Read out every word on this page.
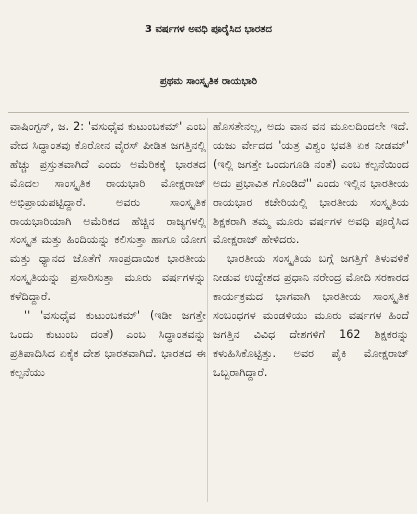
3 ವರ್ಷಗಳ ಅವಧಿ ಪೂರೈಸಿದ ಭಾರತದ
ಪ್ರಥಮ ಸಾಂಸ್ಕೃತಿಕ ರಾಯಭಾರಿ

ವಾಷಿಂಗ್ಟನ್, ಜ. 2: 'ವಸುಧೈವ ಕುಟುಂಬಕಮ್' ಎಂಬ ವೇದ ಸಿದ್ಧಾಂತವು ಕೊರೋನ ವೈರಸ್ ಪೀಡಿತ ಜಗತ್ತಿನಲ್ಲಿ ಹೆಚ್ಚು ಪ್ರಸ್ತುತವಾಗಿದೆ ಎಂದು ಅಮೆರಿಕಕ್ಕೆ ಭಾರತದ ಮೊದಲ ಸಾಂಸ್ಕೃತಿಕ ರಾಯಭಾರಿ ಮೋಕ್ಷರಾಜ್ ಅಭಿಪ್ರಾಯಪಟ್ಟಿದ್ದಾರೆ. ಅವರು ಸಾಂಸ್ಕೃತಿಕ ರಾಯಭಾರಿಯಾಗಿ ಅಮೆರಿಕದ ಹೆಚ್ಚಿನ ರಾಜ್ಯಗಳಲ್ಲಿ ಸಂಸ್ಕೃತ ಮತ್ತು ಹಿಂದಿಯನ್ನು ಕಲಿಸುತ್ತಾ ಹಾಗೂ ಯೋಗ ಮತ್ತು ಧ್ಯಾನದ ಜೊತೆಗೆ ಸಾಂಪ್ರದಾಯಿಕ ಭಾರತೀಯ ಸಂಸ್ಕೃತಿಯನ್ನು ಪ್ರಸಾರಿಸುತ್ತಾ ಮೂರು ವರ್ಷಗಳನ್ನು ಕಳೆದಿದ್ದಾರೆ.

'' 'ವಸುಧೈವ ಕುಟುಂಬಕಮ್' (ಇಡೀ ಜಗತ್ತೇ ಒಂದು ಕುಟುಂಬ ದಂತೆ) ಎಂಬ ಸಿದ್ಧಾಂತವನ್ನು ಪ್ರತಿಪಾದಿಸಿದ ಏಕೈಕ ದೇಶ ಭಾರತವಾಗಿದೆ. ಭಾರತದ ಈ ಕಲ್ಪನೆಯು

ಹೊಸತೇನಲ್ಲ, ಅದು ವಾನ ವನ ಮೂಲದಿಂದಲೇ ಇದೆ. ಯಜು ರ್ವೇದದ 'ಯತ್ರ ವಿಶ್ವಂ ಭವತಿ ಏಕ ನೀಡಮ್' (ಇಲ್ಲಿ ಜಗತ್ತೇ ಒಂದುಗೂಡಿ ನಂತೆ) ಎಂಬ ಕಲ್ಪನೆಯಿಂದ ಅದು ಪ್ರಭಾವಿತ ಗೊಂಡಿದೆ'' ಎಂದು ಇಲ್ಲಿನ ಭಾರತೀಯ ರಾಯಭಾರ ಕಚೇರಿಯಲ್ಲಿ ಭಾರತೀಯ ಸಂಸ್ಕೃತಿಯ ಶಿಕ್ಷಕರಾಗಿ ತಮ್ಮ ಮೂರು ವರ್ಷಗಳ ಅವಧಿ ಪೂರೈಸಿದ ಮೋಕ್ಷರಾಜ್ ಹೇಳಿದರು.

ಭಾರತೀಯ ಸಂಸ್ಕೃತಿಯ ಬಗ್ಗೆ ಜಗತ್ತಿಗೆ ತಿಳುವಳಿಕೆ ನೀಡುವ ಉದ್ದೇಶದ ಪ್ರಧಾನಿ ನರೇಂದ್ರ ಮೋದಿ ಸರಕಾರದ ಕಾರ್ಯಕ್ರಮದ ಭಾಗವಾಗಿ ಭಾರತೀಯ ಸಾಂಸ್ಕೃತಿಕ ಸಂಬಂಧಗಳ ಮಂಡಳಿಯು ಮೂರು ವರ್ಷಗಳ ಹಿಂದೆ ಜಗತ್ತಿನ ವಿವಿಧ ದೇಶಗಳಿಗೆ 162 ಶಿಕ್ಷಕರನ್ನು ಕಳುಹಿಸಿಕೊಟ್ಟಿತ್ತು. ಅವರ ಪೈಕಿ ಮೋಕ್ಷರಾಜ್ ಒಬ್ಬರಾಗಿದ್ದಾರೆ.
